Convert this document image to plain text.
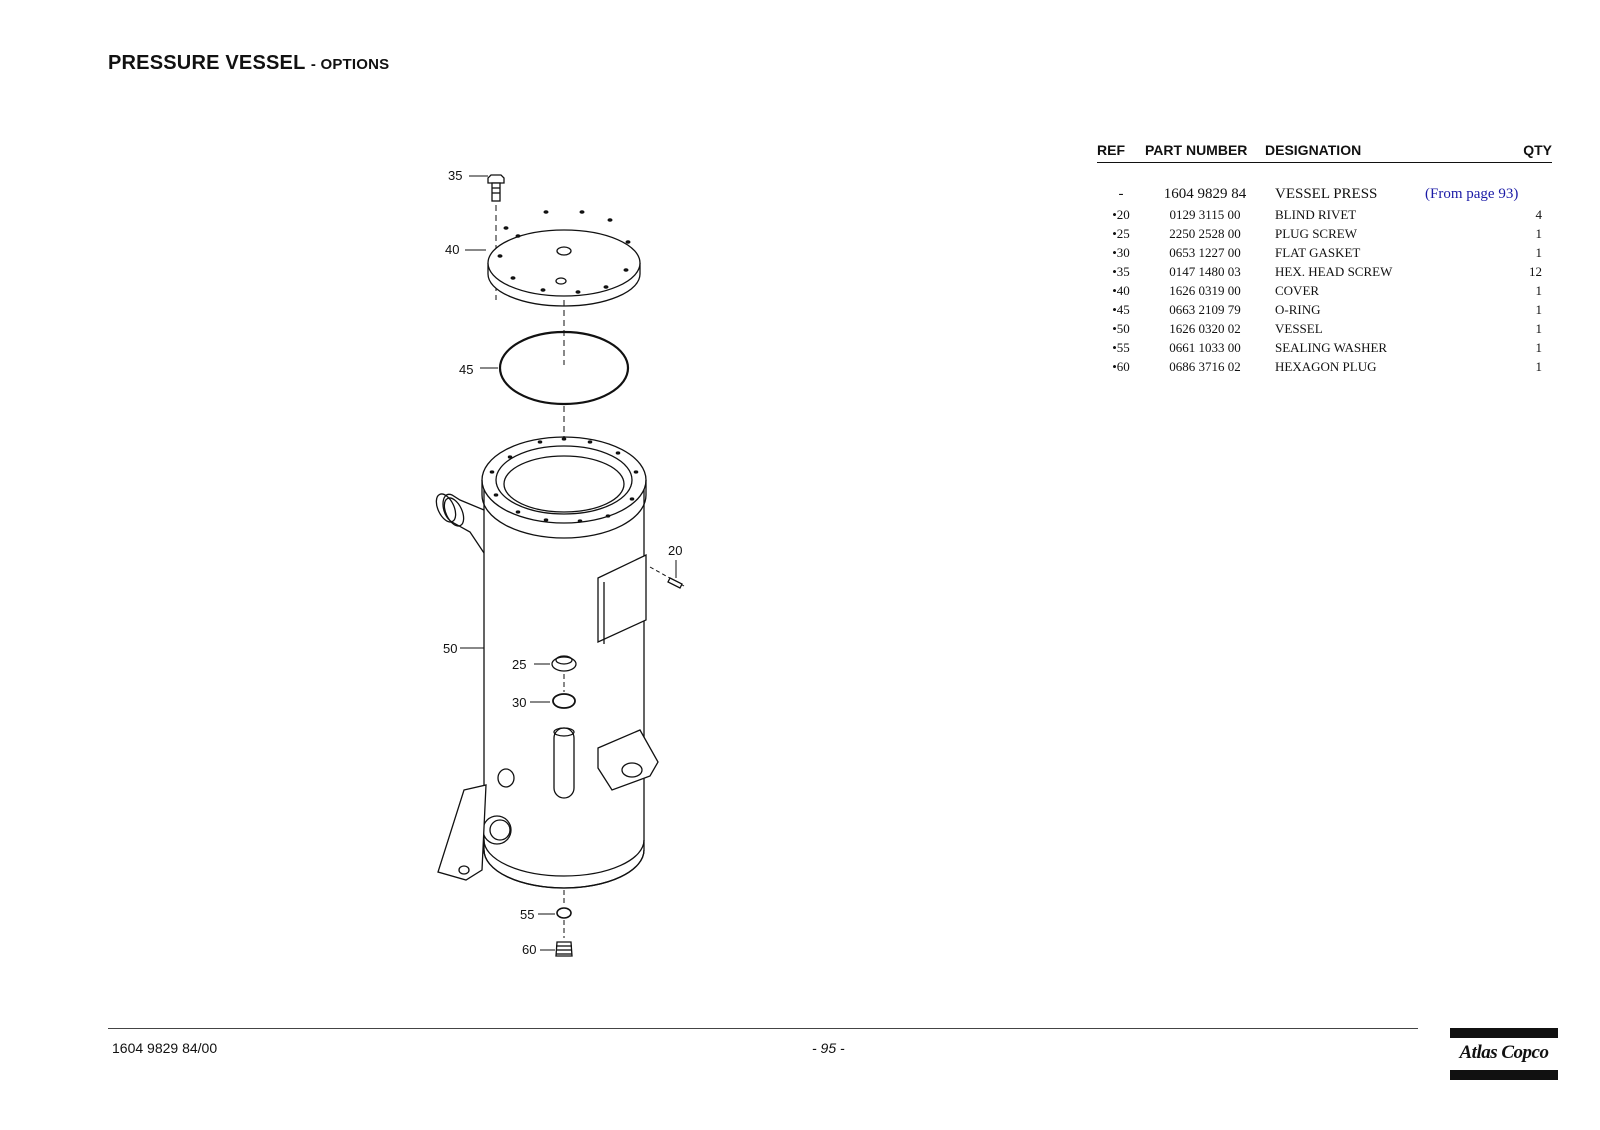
PRESSURE VESSEL - OPTIONS
35
40
45
20
50
25
30
55
60
REF	PART NUMBER	DESIGNATION		QTY

-	1604 9829 84	VESSEL PRESS	(From page 93)	
•20	0129 3115 00	BLIND RIVET		4
•25	2250 2528 00	PLUG SCREW		1
•30	0653 1227 00	FLAT GASKET		1
•35	0147 1480 03	HEX. HEAD SCREW		12
•40	1626 0319 00	COVER		1
•45	0663 2109 79	O-RING		1
•50	1626 0320 02	VESSEL		1
•55	0661 1033 00	SEALING WASHER		1
•60	0686 3716 02	HEXAGON PLUG		1
1604 9829 84/00	- 95 -	Atlas Copco
